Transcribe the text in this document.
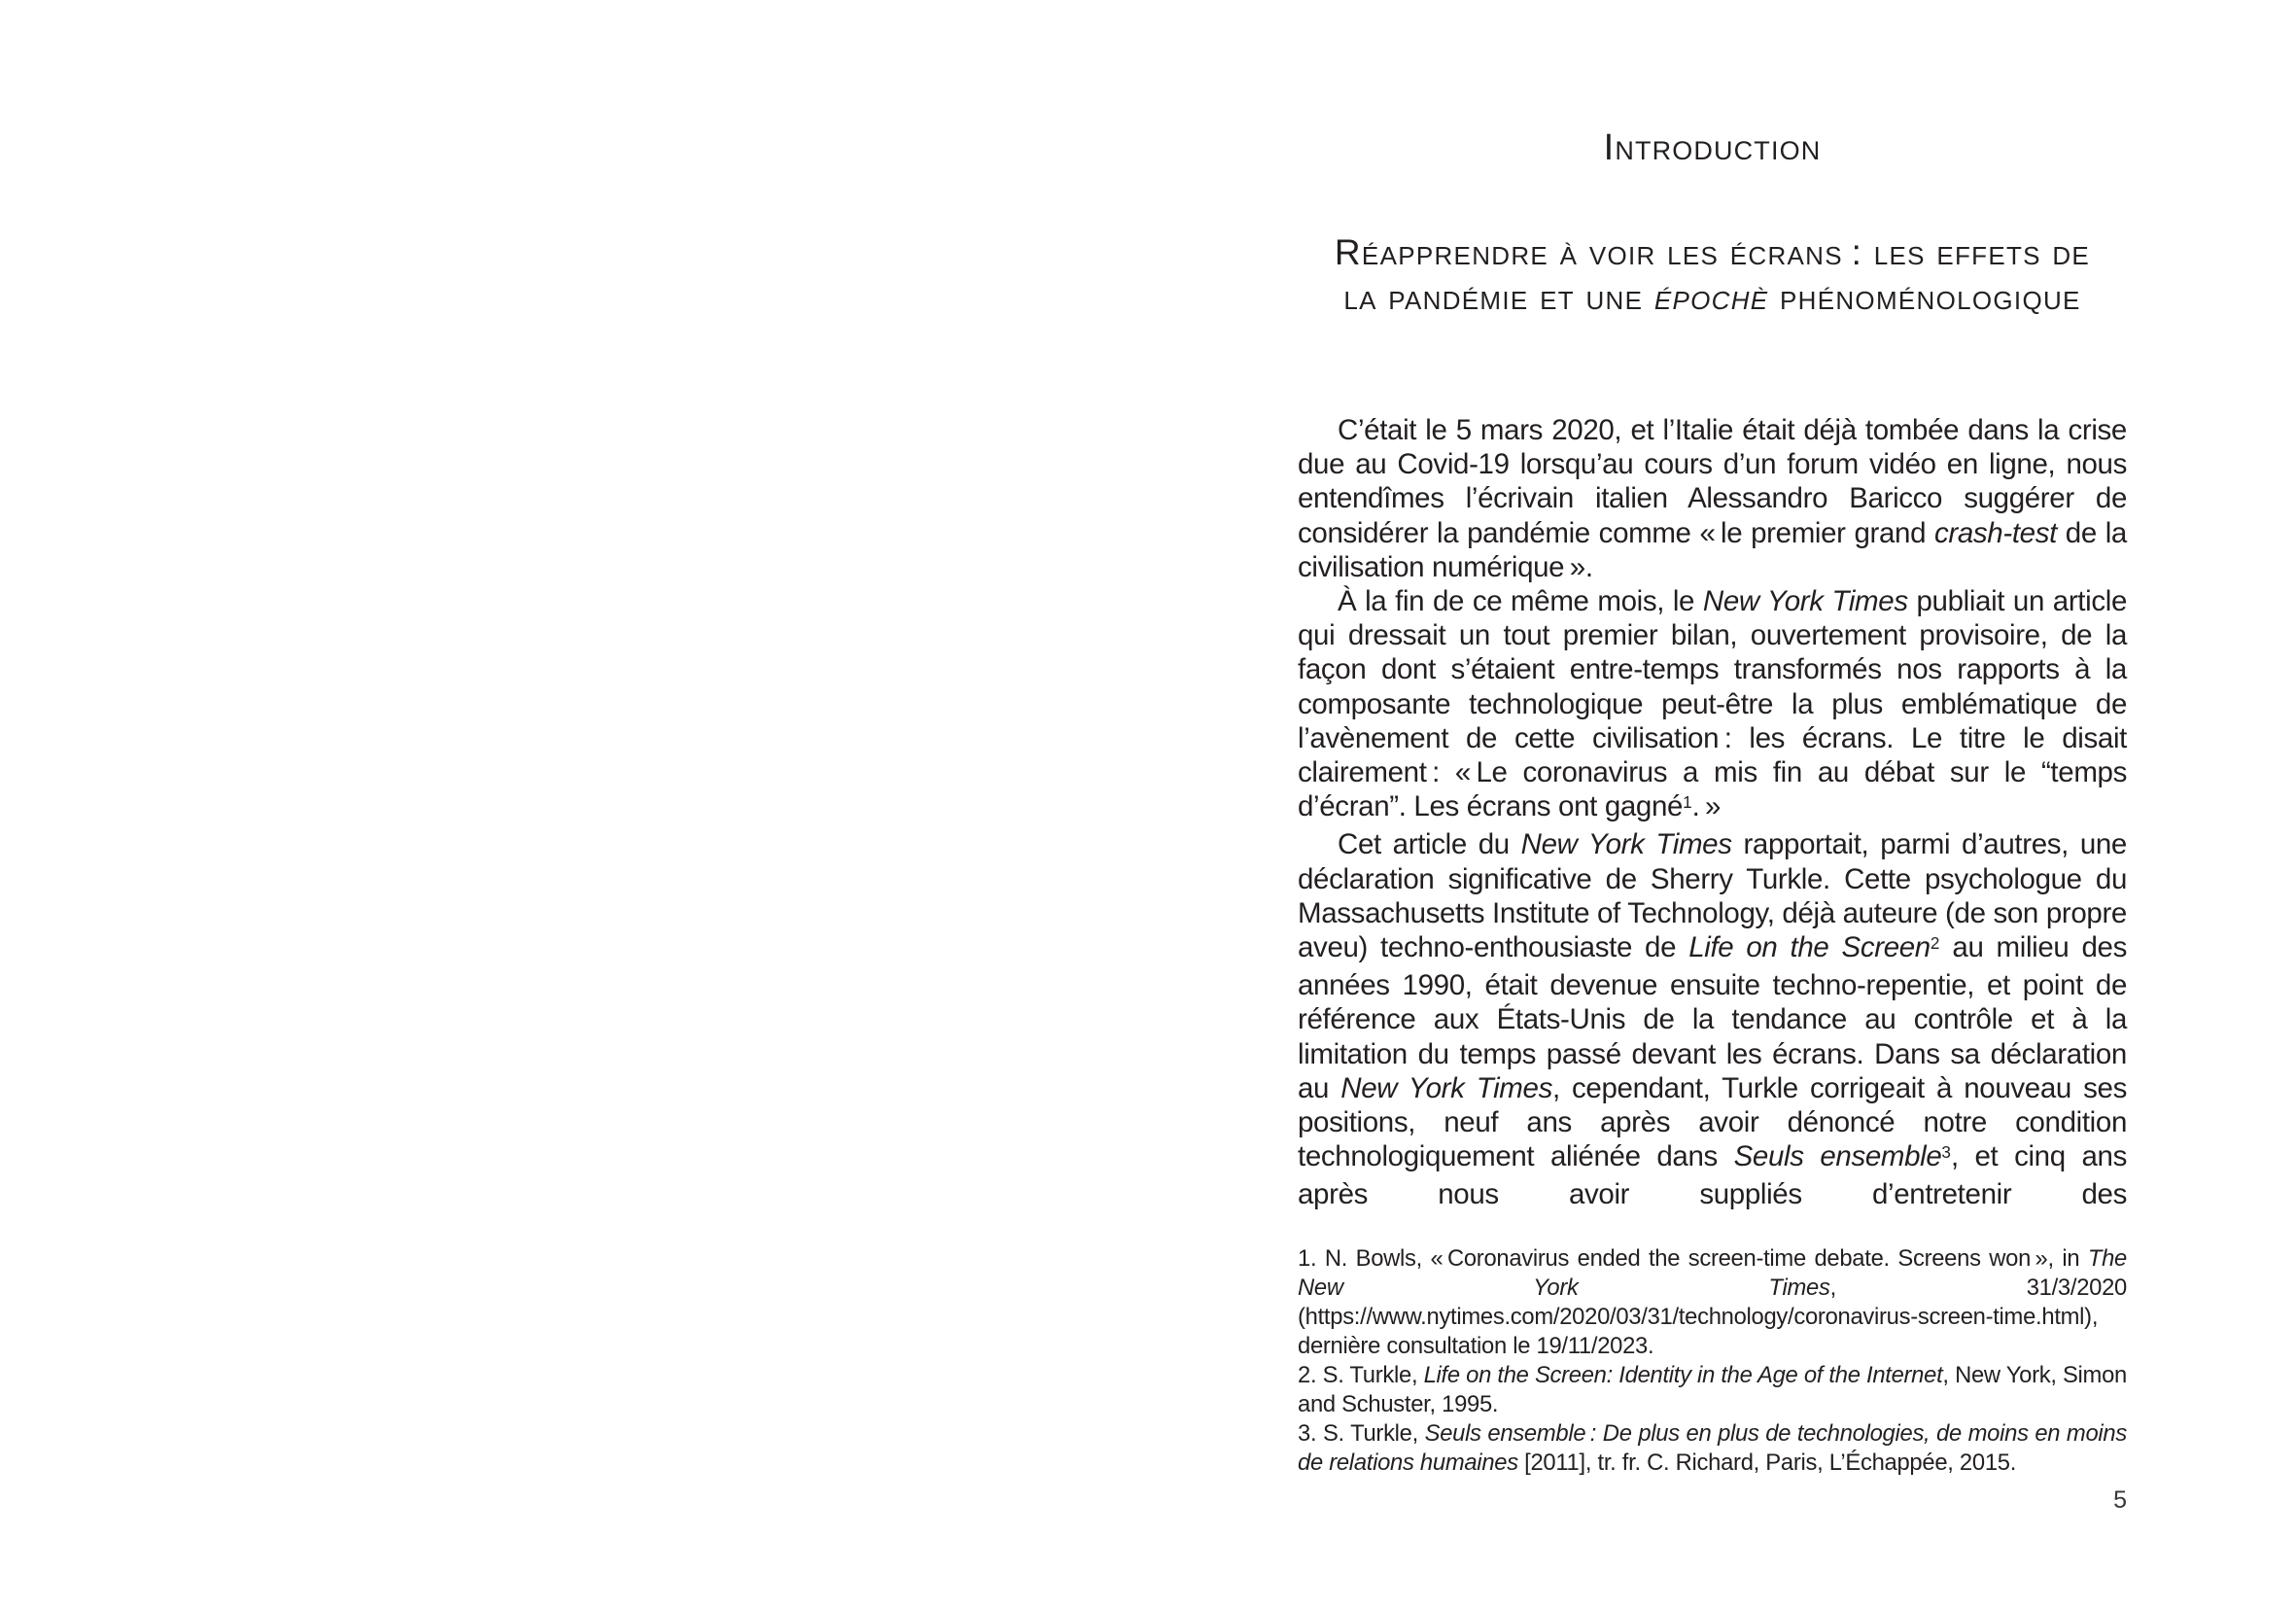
Introduction
Réapprendre à voir les écrans : les effets de
la pandémie et une épochè phénoménologique

C’était le 5 mars 2020, et l’Italie était déjà tombée dans la crise due au Covid-19 lorsqu’au cours d’un forum vidéo en ligne, nous entendîmes l’écrivain italien Alessandro Baricco suggérer de considérer la pandémie comme « le premier grand crash-test de la civilisation numérique ».

À la fin de ce même mois, le New York Times publiait un article qui dressait un tout premier bilan, ouvertement provisoire, de la façon dont s’étaient entre-temps transformés nos rapports à la composante technologique peut-être la plus emblématique de l’avènement de cette civilisation : les écrans. Le titre le disait clairement : « Le coronavirus a mis fin au débat sur le “temps d’écran”. Les écrans ont gagné$^1$. »

Cet article du New York Times rapportait, parmi d’autres, une déclaration significative de Sherry Turkle. Cette psychologue du Massachusetts Institute of Technology, déjà auteure (de son propre aveu) techno-enthousiaste de Life on the Screen$^2$ au milieu des années 1990, était devenue ensuite techno-repentie, et point de référence aux États-Unis de la tendance au contrôle et à la limitation du temps passé devant les écrans. Dans sa déclaration au New York Times, cependant, Turkle corrigeait à nouveau ses positions, neuf ans après avoir dénoncé notre condition technologiquement aliénée dans Seuls ensemble$^3$, et cinq ans après nous avoir suppliés d’entretenir des

1. N. Bowls, « Coronavirus ended the screen-time debate. Screens won », in The New York Times, 31/3/2020 (https://www.nytimes.com/2020/03/31/technology/coronavirus-screen-time.html), dernière consultation le 19/11/2023.

2. S. Turkle, Life on the Screen: Identity in the Age of the Internet, New York, Simon and Schuster, 1995.

3. S. Turkle, Seuls ensemble : De plus en plus de technologies, de moins en moins de relations humaines [2011], tr. fr. C. Richard, Paris, L’Échappée, 2015.

5
